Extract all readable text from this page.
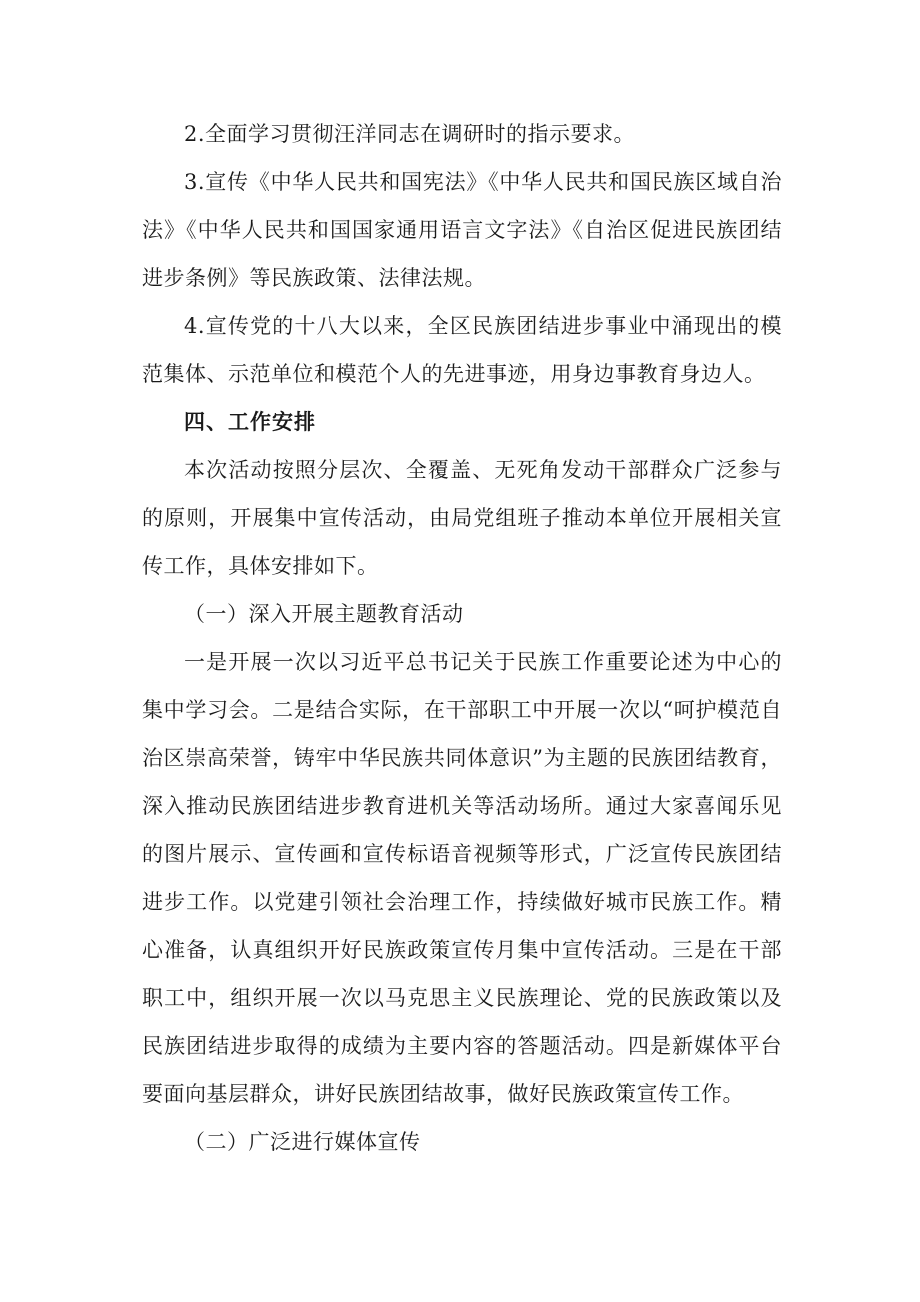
2.全面学习贯彻汪洋同志在调研时的指示要求。

3.宣传《中华人民共和国宪法》《中华人民共和国民族区域自治法》《中华人民共和国国家通用语言文字法》《自治区促进民族团结进步条例》等民族政策、法律法规。

4.宣传党的十八大以来，全区民族团结进步事业中涌现出的模范集体、示范单位和模范个人的先进事迹，用身边事教育身边人。

四、工作安排

本次活动按照分层次、全覆盖、无死角发动干部群众广泛参与的原则，开展集中宣传活动，由局党组班子推动本单位开展相关宣传工作，具体安排如下。

（一）深入开展主题教育活动

一是开展一次以习近平总书记关于民族工作重要论述为中心的集中学习会。二是结合实际，在干部职工中开展一次以“呵护模范自治区崇高荣誉，铸牢中华民族共同体意识”为主题的民族团结教育，深入推动民族团结进步教育进机关等活动场所。通过大家喜闻乐见的图片展示、宣传画和宣传标语音视频等形式，广泛宣传民族团结进步工作。以党建引领社会治理工作，持续做好城市民族工作。精心准备，认真组织开好民族政策宣传月集中宣传活动。三是在干部职工中，组织开展一次以马克思主义民族理论、党的民族政策以及民族团结进步取得的成绩为主要内容的答题活动。四是新媒体平台要面向基层群众，讲好民族团结故事，做好民族政策宣传工作。

（二）广泛进行媒体宣传
